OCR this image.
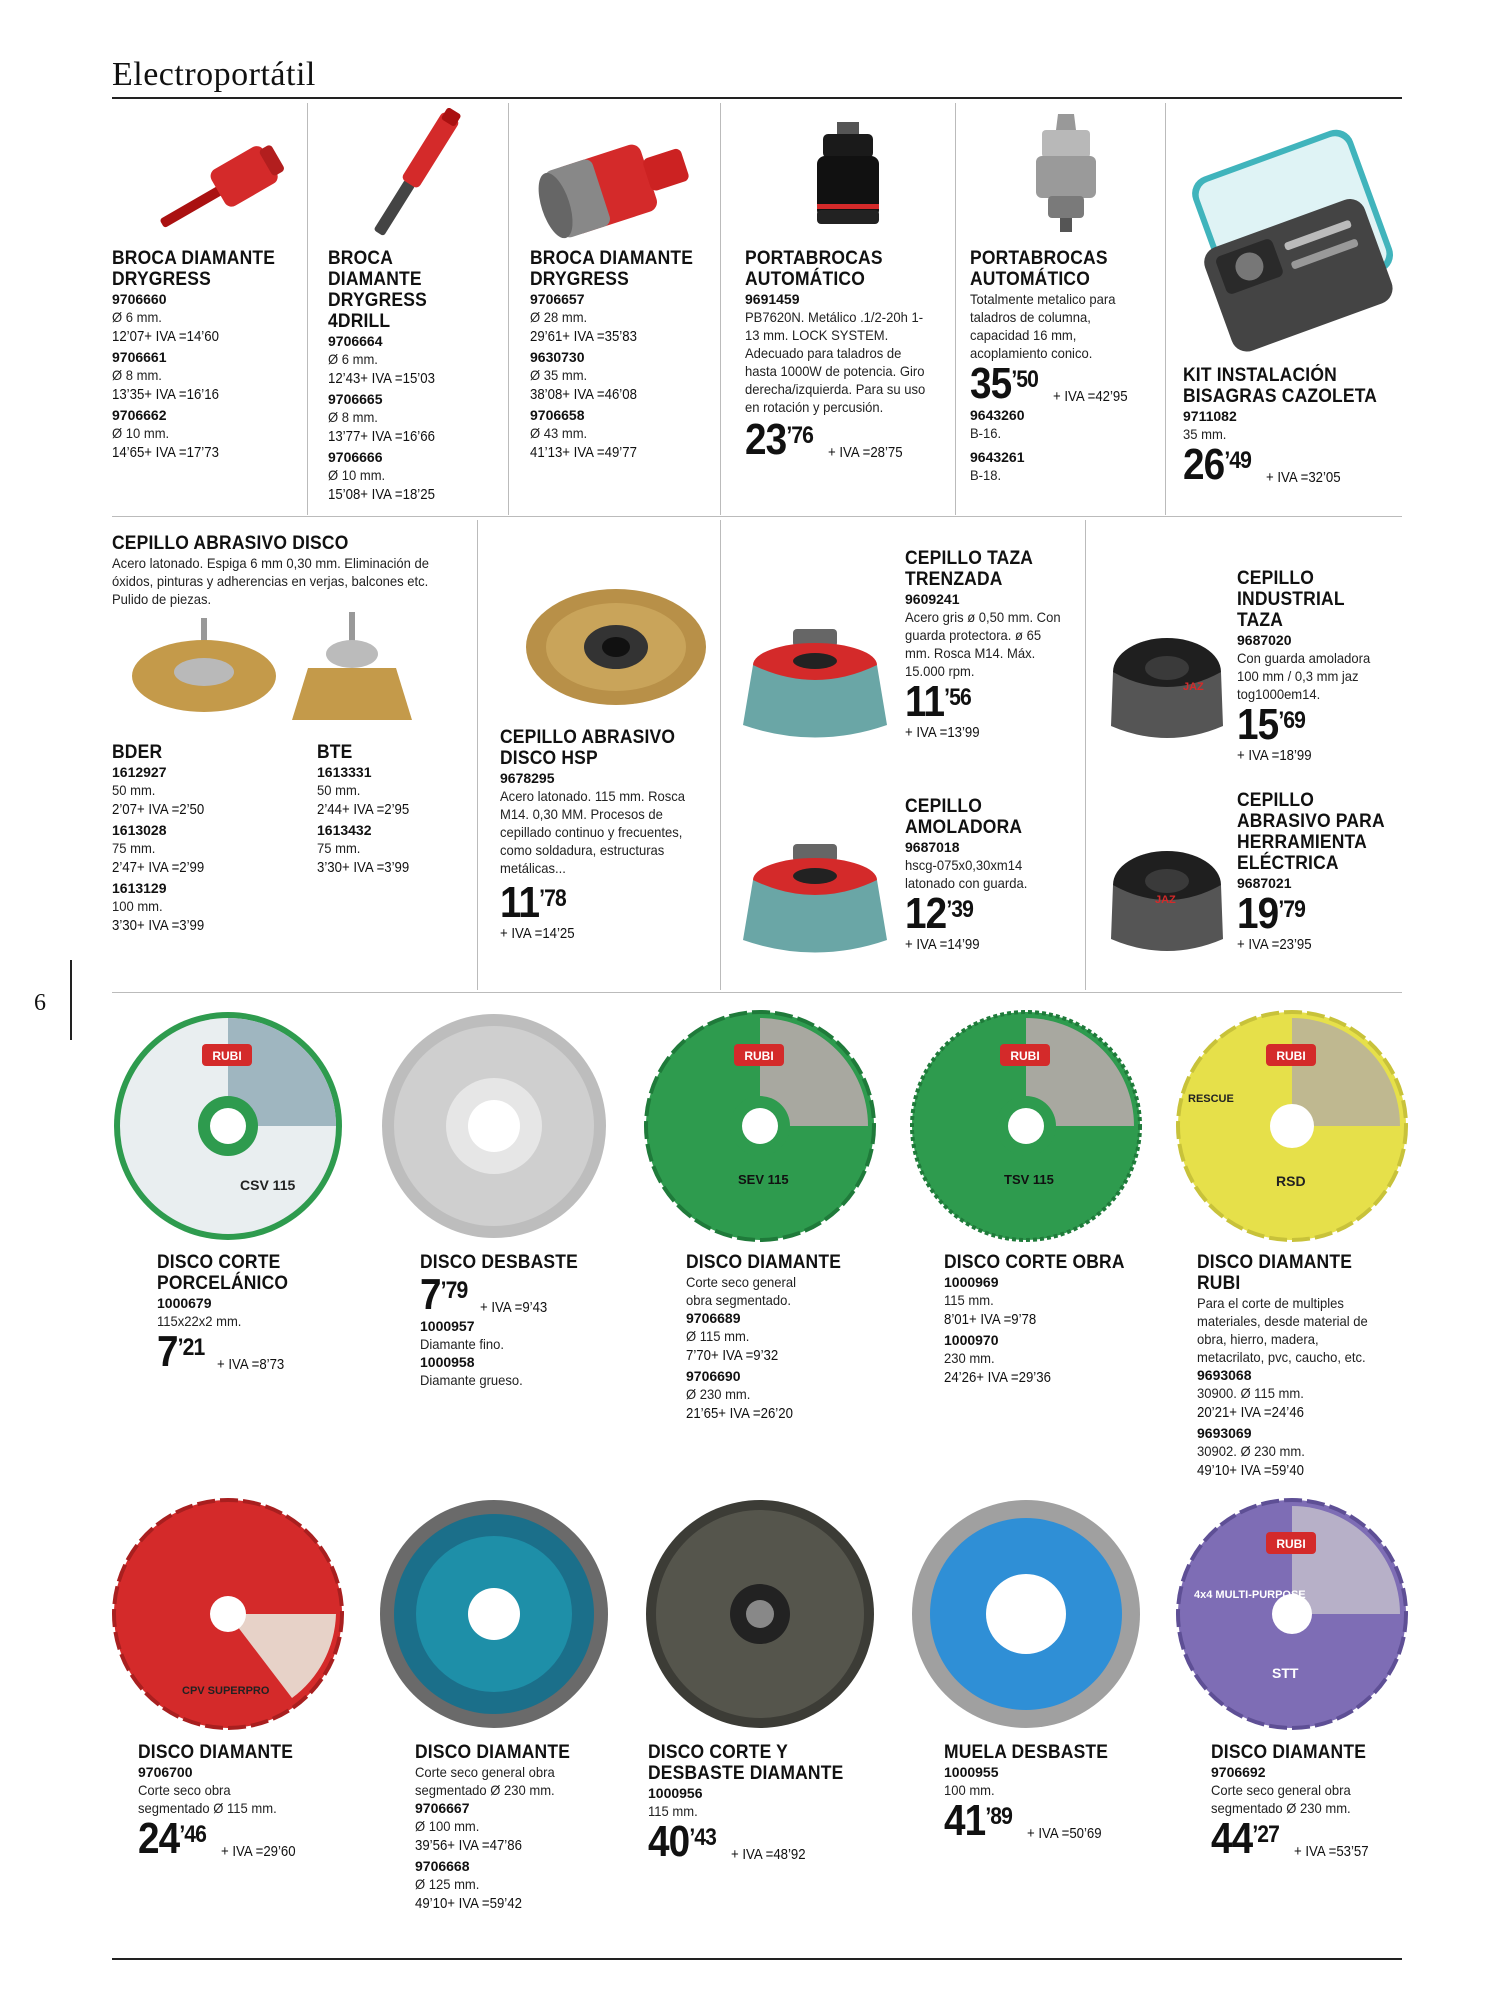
Electroportátil
6
BROCA DIAMANTE DRYGRESS
9706660
Ø 6 mm.
12’07+ IVA =14’60
9706661
Ø 8 mm.
13’35+ IVA =16’16
9706662
Ø 10 mm.
14’65+ IVA =17’73
BROCA DIAMANTE DRYGRESS 4DRILL
9706664
Ø 6 mm.
12’43+ IVA =15’03
9706665
Ø 8 mm.
13’77+ IVA =16’66
9706666
Ø 10 mm.
15’08+ IVA =18’25
BROCA DIAMANTE DRYGRESS
9706657
Ø 28 mm.
29’61+ IVA =35’83
9630730
Ø 35 mm.
38’08+ IVA =46’08
9706658
Ø 43 mm.
41’13+ IVA =49’77
PORTABROCAS AUTOMÁTICO
9691459
PB7620N. Metálico .1/2-20h 1-13 mm. LOCK SYSTEM. Adecuado para taladros de hasta 1000W de potencia. Giro derecha/izquierda. Para su uso en rotación y percusión.
$23^{’76}+$ IVA =28’75
PORTABROCAS AUTOMÁTICO
Totalmente metalico para taladros de columna, capacidad 16 mm, acoplamiento conico.
$35^{’50}+$ IVA =42’95
9643260
B-16.
9643261
B-18.
KIT INSTALACIÓN BISAGRAS CAZOLETA
9711082
35 mm.
$26^{’49}+$ IVA =32’05
CEPILLO ABRASIVO DISCO
Acero latonado. Espiga 6 mm 0,30 mm. Eliminación de óxidos, pinturas y adherencias en verjas, balcones etc. Pulido de piezas.
BDER
1612927
50 mm.
2’07+ IVA =2’50
1613028
75 mm.
2’47+ IVA =2’99
1613129
100 mm.
3’30+ IVA =3’99
BTE
1613331
50 mm.
2’44+ IVA =2’95
1613432
75 mm.
3’30+ IVA =3’99
CEPILLO ABRASIVO DISCO HSP
9678295
Acero latonado. 115 mm. Rosca M14. 0,30 MM. Procesos de cepillado continuo y frecuentes, como soldadura, estructuras metálicas...
$11^{’78}$
+ IVA =14’25
CEPILLO TAZA TRENZADA
9609241
Acero gris ø 0,50 mm. Con guarda protectora. ø 65 mm. Rosca M14. Máx. 15.000 rpm.
$11^{’56}$
+ IVA =13’99
CEPILLO AMOLADORA
9687018
hscg-075x0,30xm14 latonado con guarda.
$12^{’39}$
+ IVA =14’99
JAZ
JAZ
CEPILLO INDUSTRIAL TAZA
9687020
Con guarda amoladora 100 mm / 0,3 mm jaz tog1000em14.
$15^{’69}$
+ IVA =18’99
CEPILLO ABRASIVO PARA HERRAMIENTA ELÉCTRICA
9687021
$19^{’79}$
+ IVA =23’95
RUBI
CSV 115
RUBI
SEV 115
RUBI
TSV 115
RUBI
RESCUE
RSD
DISCO CORTE PORCELÁNICO
1000679
115x22x2 mm.
$7^{’21}+$ IVA =8’73
DISCO DESBASTE
$7^{’79}+$ IVA =9’43
1000957
Diamante fino.
1000958
Diamante grueso.
DISCO DIAMANTE
Corte seco general obra segmentado.
9706689
Ø 115 mm.
7’70+ IVA =9’32
9706690
Ø 230 mm.
21’65+ IVA =26’20
DISCO CORTE OBRA
1000969
115 mm.
8’01+ IVA =9’78
1000970
230 mm.
24’26+ IVA =29’36
DISCO DIAMANTE RUBI
Para el corte de multiples materiales, desde material de obra, hierro, madera, metacrilato, pvc, caucho, etc.
9693068
30900. Ø 115 mm.
20’21+ IVA =24’46
9693069
30902. Ø 230 mm.
49’10+ IVA =59’40
CPV SUPERPRO
RUBI
4x4 MULTI-PURPOSE
STT
DISCO DIAMANTE
9706700
Corte seco obra segmentado Ø 115 mm.
$24^{’46}+$ IVA =29’60
DISCO DIAMANTE
Corte seco general obra segmentado Ø 230 mm.
9706667
Ø 100 mm.
39’56+ IVA =47’86
9706668
Ø 125 mm.
49’10+ IVA =59’42
DISCO CORTE Y DESBASTE DIAMANTE
1000956
115 mm.
$40^{’43}+$ IVA =48’92
MUELA DESBASTE
1000955
100 mm.
$41^{’89}+$ IVA =50’69
DISCO DIAMANTE
9706692
Corte seco general obra segmentado Ø 230 mm.
$44^{’27}+$ IVA =53’57
